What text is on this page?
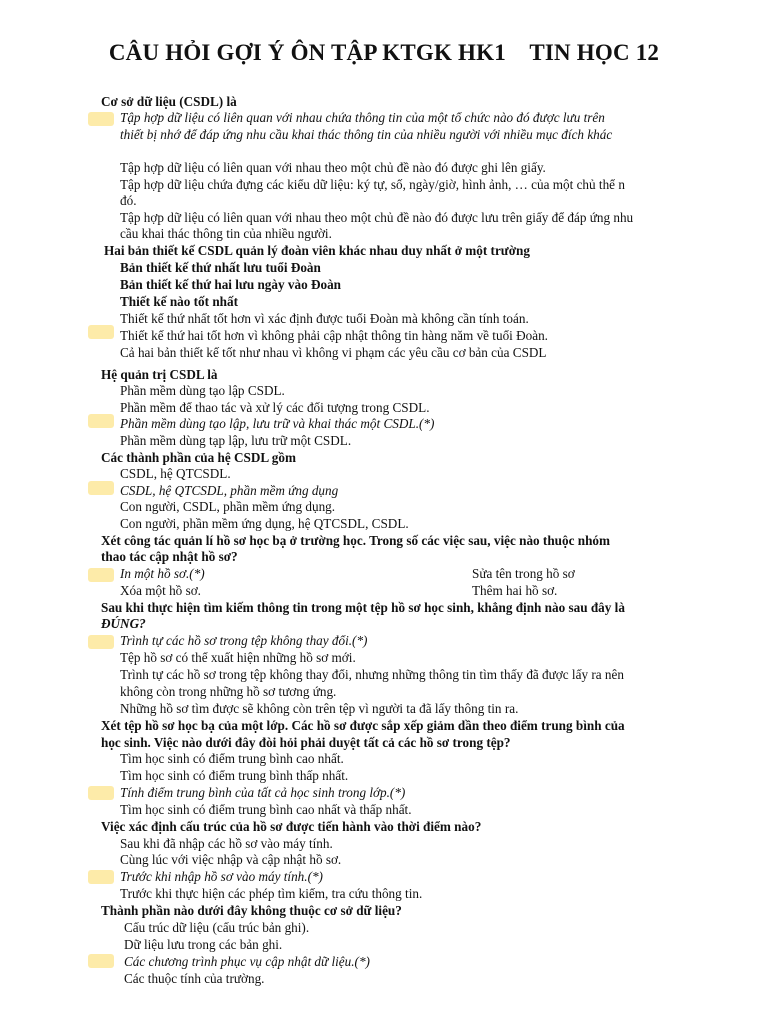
CÂU HỎI GỢI Ý ÔN TẬP KTGK HK1    TIN HỌC 12
Cơ sở dữ liệu (CSDL) là
Tập hợp dữ liệu có liên quan với nhau chứa thông tin của một tổ chức nào đó được lưu trên
thiết bị nhớ để đáp ứng nhu cầu khai thác thông tin của nhiều người với nhiều mục đích khác
Tập hợp dữ liệu có liên quan với nhau theo một chủ đề nào đó được ghi lên giấy.
Tập hợp dữ liệu chứa đựng các kiểu dữ liệu: ký tự, số, ngày/giờ, hình ảnh, … của một chủ thể n
đó.
Tập hợp dữ liệu có liên quan với nhau theo một chủ đề nào đó được lưu trên giấy để đáp ứng nhu
cầu khai thác thông tin của nhiều người.
Hai bản thiết kế CSDL quản lý đoàn viên khác nhau duy nhất ở một trường
Bản thiết kế thứ nhất lưu tuổi Đoàn
Bản thiết kế thứ hai lưu ngày vào Đoàn
Thiết kế nào tốt nhất
Thiết kế thứ nhất tốt hơn vì xác định được tuổi Đoàn mà không cần tính toán.
Thiết kế thứ hai tốt hơn vì không phải cập nhật thông tin hàng năm về tuổi Đoàn.
Cả hai bản thiết kế tốt như nhau vì không vi phạm các yêu cầu cơ bản của CSDL
Hệ quản trị CSDL là
Phần mềm dùng tạo lập CSDL.
Phần mềm để thao tác và xử lý các đối tượng trong CSDL.
Phần mềm dùng tạo lập, lưu trữ và khai thác một CSDL.(*)
Phần mềm dùng tạp lập, lưu trữ một CSDL.
Các thành phần của hệ CSDL gồm
CSDL, hệ QTCSDL.
CSDL, hệ QTCSDL, phần mềm ứng dụng
Con người, CSDL, phần mềm ứng dụng.
Con người, phần mềm ứng dụng, hệ QTCSDL, CSDL.
Xét công tác quản lí hồ sơ học bạ ở trường học. Trong số các việc sau, việc nào thuộc nhóm
thao tác cập nhật hồ sơ?
In một hồ sơ.(*)
Xóa một hồ sơ.
Sửa tên trong hồ sơ
Thêm hai hồ sơ.
Sau khi thực hiện tìm kiếm thông tin trong một tệp hồ sơ học sinh, khẳng định nào sau đây là
ĐÚNG?
Trình tự các hồ sơ trong tệp không thay đổi.(*)
Tệp hồ sơ có thể xuất hiện những hồ sơ mới.
Trình tự các hồ sơ trong tệp không thay đổi, nhưng những thông tin tìm thấy đã được lấy ra nên
không còn trong những hồ sơ tương ứng.
Những hồ sơ tìm được sẽ không còn trên tệp vì người ta đã lấy thông tin ra.
Xét tệp hồ sơ học bạ của một lớp. Các hồ sơ được sắp xếp giảm dần theo điểm trung bình của
học sinh. Việc nào dưới đây đòi hỏi phải duyệt tất cả các hồ sơ trong tệp?
Tìm học sinh có điểm trung bình cao nhất.
Tìm học sinh có điểm trung bình thấp nhất.
Tính điểm trung bình của tất cả học sinh trong lớp.(*)
Tìm học sinh có điểm trung bình cao nhất và thấp nhất.
Việc xác định cấu trúc của hồ sơ được tiến hành vào thời điểm nào?
Sau khi đã nhập các hồ sơ vào máy tính.
Cùng lúc với việc nhập và cập nhật hồ sơ.
Trước khi nhập hồ sơ vào máy tính.(*)
Trước khi thực hiện các phép tìm kiếm, tra cứu thông tin.
Thành phần nào dưới đây không thuộc cơ sở dữ liệu?
Cấu trúc dữ liệu (cấu trúc bản ghi).
Dữ liệu lưu trong các bản ghi.
Các chương trình phục vụ cập nhật dữ liệu.(*)
Các thuộc tính của trường.
